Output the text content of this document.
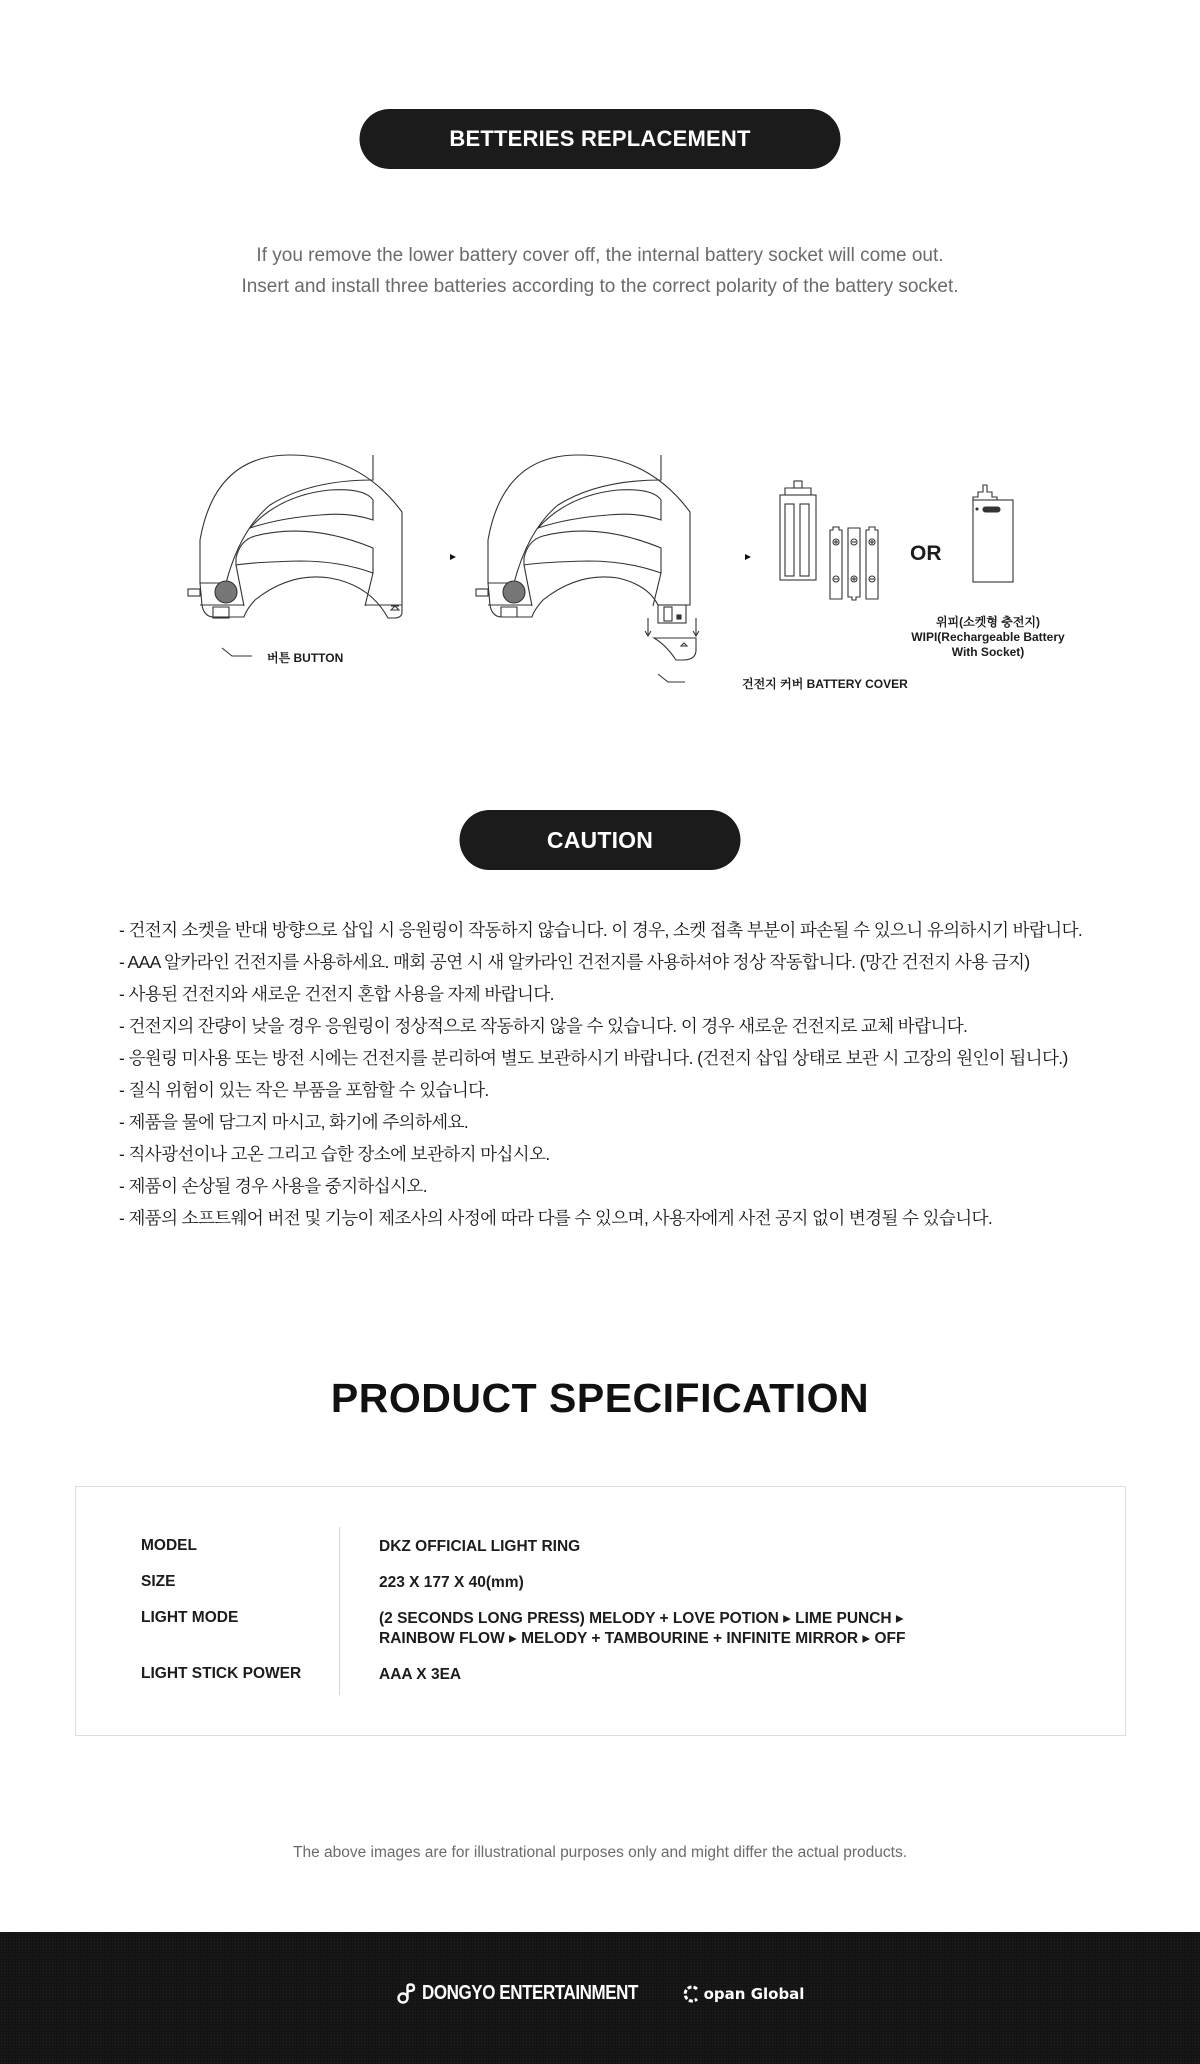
BETTERIES REPLACEMENT
If you remove the lower battery cover off, the internal battery socket will come out.
Insert and install three batteries according to the correct polarity of the battery socket.
버튼 BUTTON
건전지 커버 BATTERY COVER
OR
위피(소켓형 충전지)
WIPI(Rechargeable Battery
With Socket)
CAUTION
- 건전지 소켓을 반대 방향으로 삽입 시 응원링이 작동하지 않습니다. 이 경우, 소켓 접촉 부분이 파손될 수 있으니 유의하시기 바랍니다.
- AAA 알카라인 건전지를 사용하세요. 매회 공연 시 새 알카라인 건전지를 사용하셔야 정상 작동합니다. (망간 건전지 사용 금지)
- 사용된 건전지와 새로운 건전지 혼합 사용을 자제 바랍니다.
- 건전지의 잔량이 낮을 경우 응원링이 정상적으로 작동하지 않을 수 있습니다. 이 경우 새로운 건전지로 교체 바랍니다.
- 응원링 미사용 또는 방전 시에는 건전지를 분리하여 별도 보관하시기 바랍니다. (건전지 삽입 상태로 보관 시 고장의 원인이 됩니다.)
- 질식 위험이 있는 작은 부품을 포함할 수 있습니다.
- 제품을 물에 담그지 마시고, 화기에 주의하세요.
- 직사광선이나 고온 그리고 습한 장소에 보관하지 마십시오.
- 제품이 손상될 경우 사용을 중지하십시오.
- 제품의 소프트웨어 버전 및 기능이 제조사의 사정에 따라 다를 수 있으며, 사용자에게 사전 공지 없이 변경될 수 있습니다.
PRODUCT SPECIFICATION
MODEL	DKZ OFFICIAL LIGHT RING
SIZE	223 X 177 X 40(mm)
LIGHT MODE	(2 SECONDS LONG PRESS) MELODY + LOVE POTION ▸ LIME PUNCH ▸
RAINBOW FLOW ▸ MELODY + TAMBOURINE + INFINITE MIRROR ▸ OFF
LIGHT STICK POWER	AAA X 3EA

The above images are for illustrational purposes only and might differ the actual products.

DONGYO ENTERTAINMENT	opan Global
